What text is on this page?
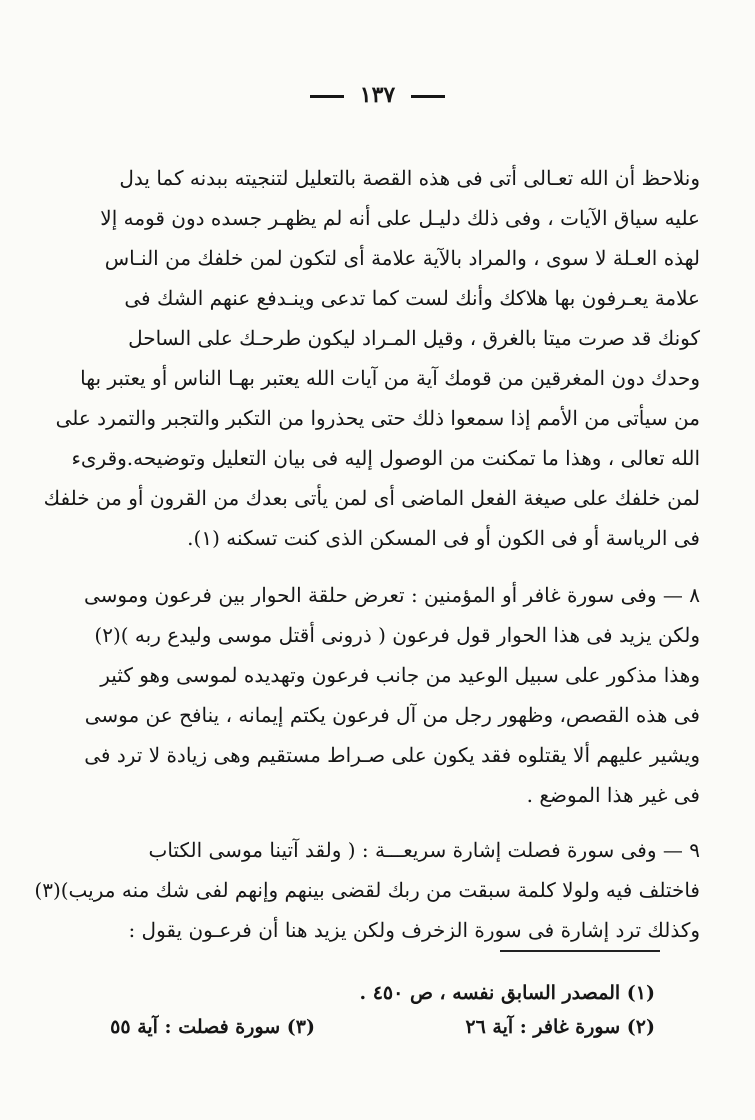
١٣٧
ونلاحظ أن الله تعـالى أتى فى هذه القصة بالتعليل لتنجيته ببدنه كما يدل
عليه سياق الآيات ، وفى ذلك دليـل على أنه لم يظهـر جسده دون قومه إلا
لهذه العـلة لا سوى ، والمراد بالآية علامة أى لتكون لمن خلفك من النـاس
علامة يعـرفون بها هلاكك وأنك لست كما تدعى وينـدفع عنهم الشك فى
كونك قد صرت ميتا بالغرق ، وقيل المـراد ليكون طرحـك على الساحل
وحدك دون المغرقين من قومك آية من آيات الله يعتبر بهـا الناس أو يعتبر بها
من سيأتى من الأمم إذا سمعوا ذلك حتى يحذروا من التكبر والتجبر والتمرد على
الله تعالى ، وهذا ما تمكنت من الوصول إليه فى بيان التعليل وتوضيحه.وقرىء
لمن خلفك على صيغة الفعل الماضى أى لمن يأتى بعدك من القرون أو من خلفك
فى الرياسة أو فى الكون أو فى المسكن الذى كنت تسكنه (١).
٨ — وفى سورة غافر أو المؤمنين : تعرض حلقة الحوار بين فرعون وموسى
ولكن يزيد فى هذا الحوار قول فرعون ( ذرونى أقتل موسى وليدع ربه )(٢)
وهذا مذكور على سبيل الوعيد من جانب فرعون وتهديده لموسى وهو كثير
فى هذه القصص، وظهور رجل من آل فرعون يكتم إيمانه ، ينافح عن موسى
ويشير عليهم ألا يقتلوه فقد يكون على صـراط مستقيم وهى زيادة لا ترد فى
فى غير هذا الموضع .
٩ — وفى سورة فصلت إشارة سريعـــة : ( ولقد آتينا موسى الكتاب
فاختلف فيه ولولا كلمة سبقت من ربك لقضى بينهم وإنهم لفى شك منه مريب)(٣)
وكذلك ترد إشارة فى سورة الزخرف ولكن يزيد هنا أن فرعـون يقول :
(١) المصدر السابق نفسه ، ص ٤٥٠ .
(٢) سورة غافر : آية ٢٦
(٣) سورة فصلت : آية ٥٥
